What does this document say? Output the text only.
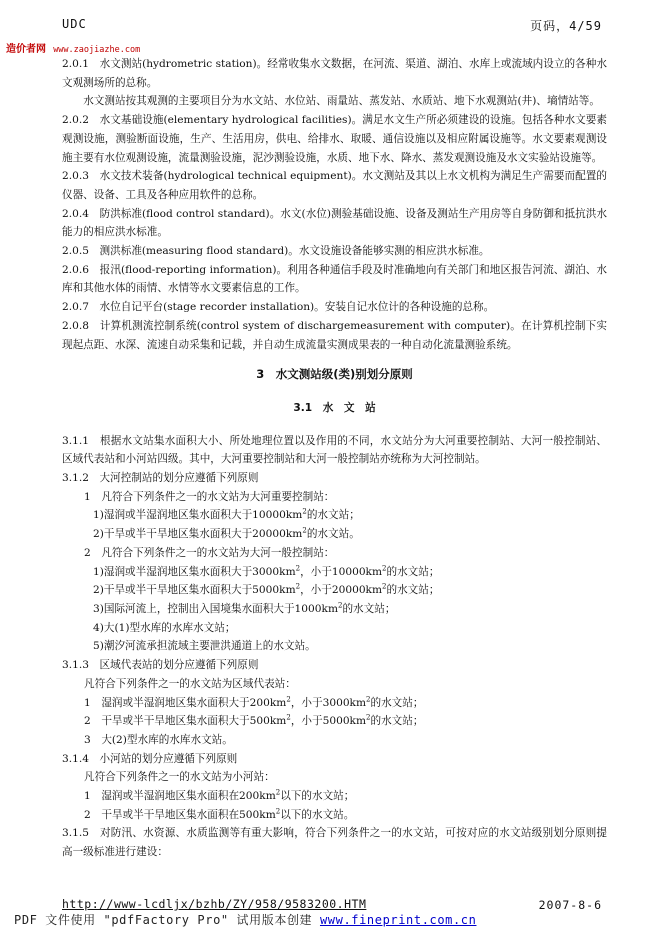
UDC	页码，4/59
造价者网 www.zaojiazhe.com

2.0.1　水文测站(hydrometric station)。经常收集水文数据，在河流、渠道、湖泊、水库上或流域内设立的各种水文观测场所的总称。

水文测站按其观测的主要项目分为水文站、水位站、雨量站、蒸发站、水质站、地下水观测站(井)、墒情站等。

2.0.2　水文基础设施(elementary hydrological facilities)。满足水文生产所必须建设的设施。包括各种水文要素观测设施，测验断面设施，生产、生活用房，供电、给排水、取暖、通信设施以及相应附属设施等。水文要素观测设施主要有水位观测设施，流量测验设施，泥沙测验设施，水质、地下水、降水、蒸发观测设施及水文实验站设施等。

2.0.3　水文技术装备(hydrological technical equipment)。水文测站及其以上水文机构为满足生产需要而配置的仪器、设备、工具及各种应用软件的总称。

2.0.4　防洪标准(flood control standard)。水文(水位)测验基础设施、设备及测站生产用房等自身防御和抵抗洪水能力的相应洪水标准。

2.0.5　测洪标准(measuring flood standard)。水文设施设备能够实测的相应洪水标准。

2.0.6　报汛(flood-reporting information)。利用各种通信手段及时准确地向有关部门和地区报告河流、湖泊、水库和其他水体的雨情、水情等水文要素信息的工作。

2.0.7　水位自记平台(stage recorder installation)。安装自记水位计的各种设施的总称。

2.0.8　计算机测流控制系统(control system of dischargemeasurement with computer)。在计算机控制下实现起点距、水深、流速自动采集和记载，并自动生成流量实测成果表的一种自动化流量测验系统。

3　水文测站级(类)别划分原则

3.1　水　文　站

3.1.1　根据水文站集水面积大小、所处地理位置以及作用的不同，水文站分为大河重要控制站、大河一般控制站、区域代表站和小河站四级。其中，大河重要控制站和大河一般控制站亦统称为大河控制站。

3.1.2　大河控制站的划分应遵循下列原则

1　凡符合下列条件之一的水文站为大河重要控制站：

1)湿润或半湿润地区集水面积大于$10000km^2$的水文站；

2)干旱或半干旱地区集水面积大于$20000km^2$的水文站。

2　凡符合下列条件之一的水文站为大河一般控制站：

1)湿润或半湿润地区集水面积大于$3000km^2$，小于$10000km^2$的水文站；

2)干旱或半干旱地区集水面积大于$5000km^2$，小于$20000km^2$的水文站；

3)国际河流上，控制出入国境集水面积大于$1000km^2$的水文站；

4)大(1)型水库的水库水文站；

5)潮汐河流承担流域主要泄洪通道上的水文站。

3.1.3　区域代表站的划分应遵循下列原则

凡符合下列条件之一的水文站为区域代表站：

1　湿润或半湿润地区集水面积大于$200km^2$，小于$3000km^2$的水文站；

2　干旱或半干旱地区集水面积大于$500km^2$，小于$5000km^2$的水文站；

3　大(2)型水库的水库水文站。

3.1.4　小河站的划分应遵循下列原则

凡符合下列条件之一的水文站为小河站：

1　湿润或半湿润地区集水面积在$200km^2$以下的水文站；

2　干旱或半干旱地区集水面积在$500km^2$以下的水文站。

3.1.5　对防汛、水资源、水质监测等有重大影响，符合下列条件之一的水文站，可按对应的水文站级别划分原则提高一级标准进行建设：

http://www-lcdljx/bzhb/ZY/958/9583200.HTM	2007-8-6
PDF 文件使用 "pdfFactory Pro" 试用版本创建 www.fineprint.com.cn
